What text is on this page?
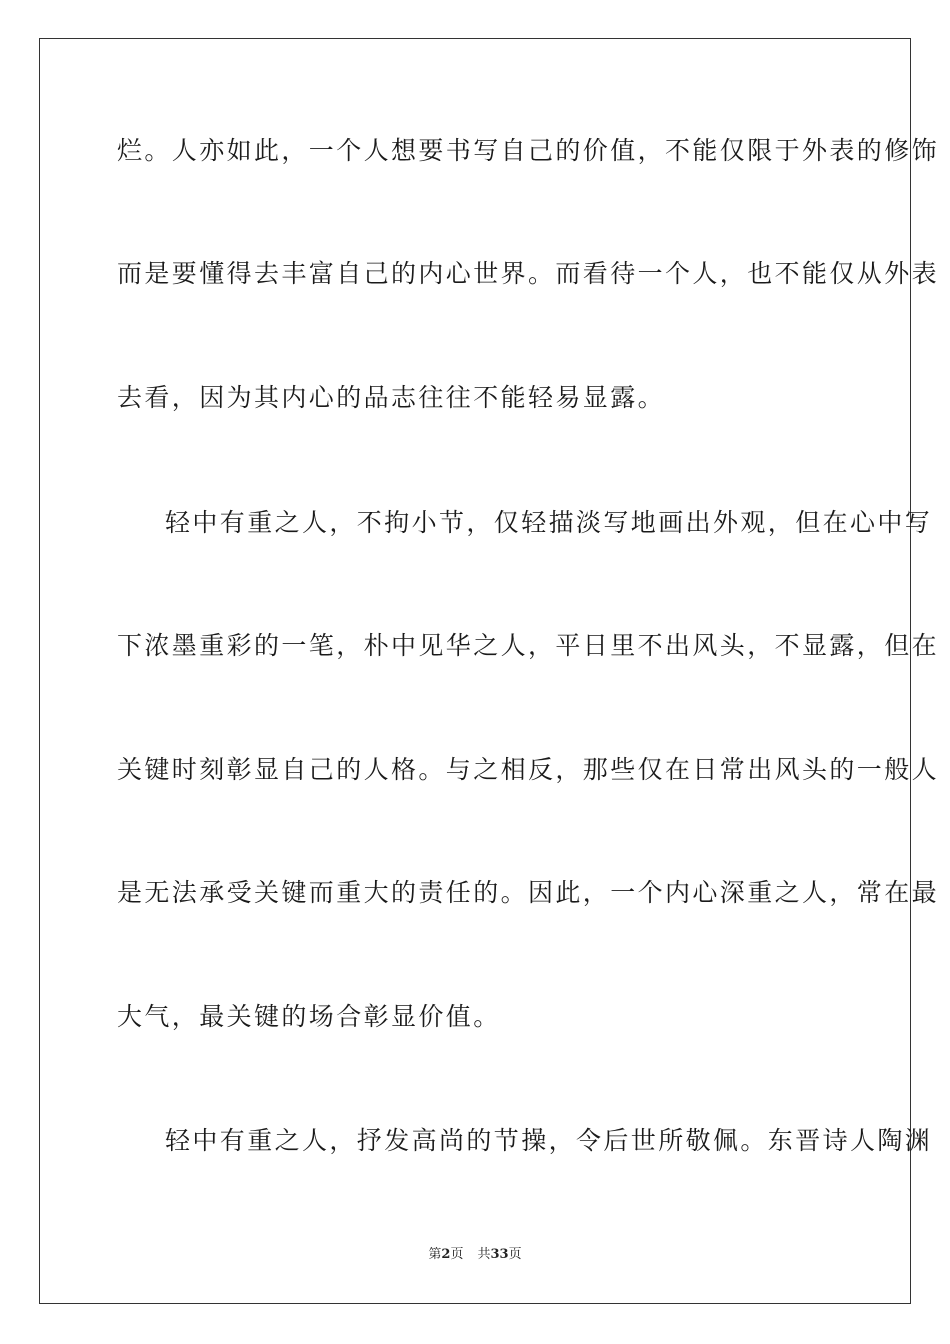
烂。人亦如此，一个人想要书写自己的价值，不能仅限于外表的修饰
而是要懂得去丰富自己的内心世界。而看待一个人，也不能仅从外表
去看，因为其内心的品志往往不能轻易显露。
轻中有重之人，不拘小节，仅轻描淡写地画出外观，但在心中写
下浓墨重彩的一笔，朴中见华之人，平日里不出风头，不显露，但在
关键时刻彰显自己的人格。与之相反，那些仅在日常出风头的一般人
是无法承受关键而重大的责任的。因此，一个内心深重之人，常在最
大气，最关键的场合彰显价值。
轻中有重之人，抒发高尚的节操，令后世所敬佩。东晋诗人陶渊
第2页 共33页
